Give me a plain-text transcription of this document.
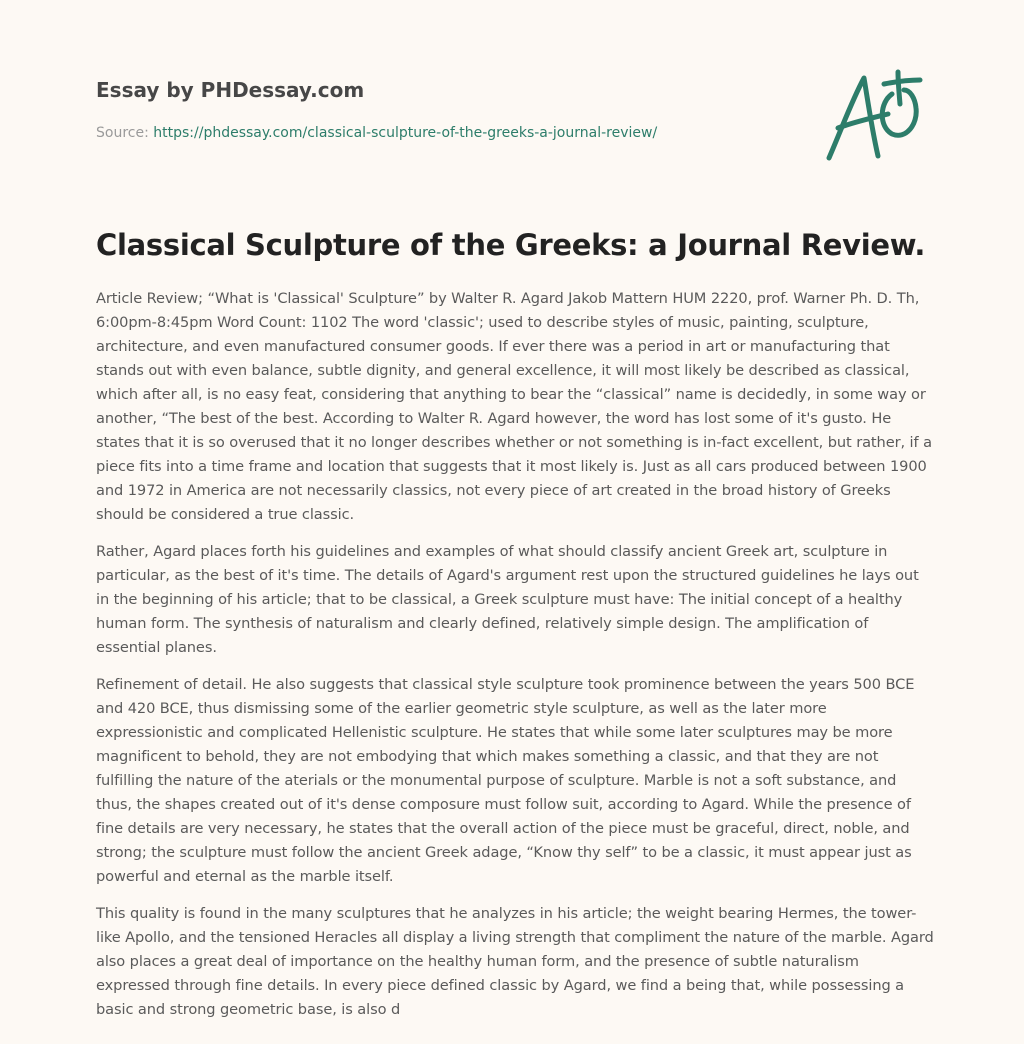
Essay by PHDessay.com
Source: https://phdessay.com/classical-sculpture-of-the-greeks-a-journal-review/
Classical Sculpture of the Greeks: a Journal Review.

Article Review; “What is 'Classical' Sculpture” by Walter R. Agard Jakob Mattern HUM 2220, prof. Warner Ph. D. Th, 6:00pm-8:45pm Word Count: 1102 The word 'classic'; used to describe styles of music, painting, sculpture, architecture, and even manufactured consumer goods. If ever there was a period in art or manufacturing that stands out with even balance, subtle dignity, and general excellence, it will most likely be described as classical, which after all, is no easy feat, considering that anything to bear the “classical” name is decidedly, in some way or another, “The best of the best. According to Walter R. Agard however, the word has lost some of it's gusto. He states that it is so overused that it no longer describes whether or not something is in-fact excellent, but rather, if a piece fits into a time frame and location that suggests that it most likely is. Just as all cars produced between 1900 and 1972 in America are not necessarily classics, not every piece of art created in the broad history of Greeks should be considered a true classic.

Rather, Agard places forth his guidelines and examples of what should classify ancient Greek art, sculpture in particular, as the best of it's time. The details of Agard's argument rest upon the structured guidelines he lays out in the beginning of his article; that to be classical, a Greek sculpture must have: The initial concept of a healthy human form. The synthesis of naturalism and clearly defined, relatively simple design. The amplification of essential planes.

Refinement of detail. He also suggests that classical style sculpture took prominence between the years 500 BCE and 420 BCE, thus dismissing some of the earlier geometric style sculpture, as well as the later more expressionistic and complicated Hellenistic sculpture. He states that while some later sculptures may be more magnificent to behold, they are not embodying that which makes something a classic, and that they are not fulfilling the nature of the aterials or the monumental purpose of sculpture. Marble is not a soft substance, and thus, the shapes created out of it's dense composure must follow suit, according to Agard. While the presence of fine details are very necessary, he states that the overall action of the piece must be graceful, direct, noble, and strong; the sculpture must follow the ancient Greek adage, “Know thy self” to be a classic, it must appear just as powerful and eternal as the marble itself.

This quality is found in the many sculptures that he analyzes in his article; the weight bearing Hermes, the tower-like Apollo, and the tensioned Heracles all display a living strength that compliment the nature of the marble. Agard also places a great deal of importance on the healthy human form, and the presence of subtle naturalism expressed through fine details. In every piece defined classic by Agard, we find a being that, while possessing a basic and strong geometric base, is also d
